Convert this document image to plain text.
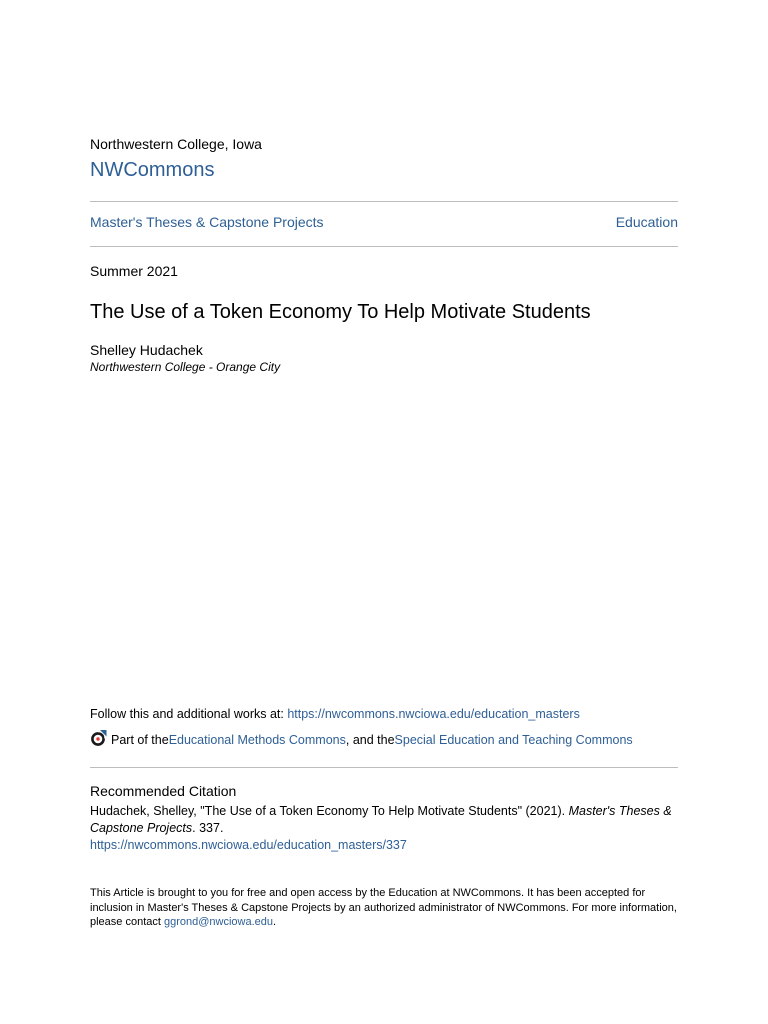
Northwestern College, Iowa
NWCommons
Master's Theses & Capstone Projects	Education
Summer 2021
The Use of a Token Economy To Help Motivate Students
Shelley Hudachek
Northwestern College - Orange City
Follow this and additional works at: https://nwcommons.nwciowa.edu/education_masters
Part of the Educational Methods Commons , and the Special Education and Teaching Commons
Recommended Citation
Hudachek, Shelley, "The Use of a Token Economy To Help Motivate Students" (2021). Master's Theses & Capstone Projects. 337.
https://nwcommons.nwciowa.edu/education_masters/337
This Article is brought to you for free and open access by the Education at NWCommons. It has been accepted for inclusion in Master's Theses & Capstone Projects by an authorized administrator of NWCommons. For more information, please contact ggrond@nwciowa.edu.
